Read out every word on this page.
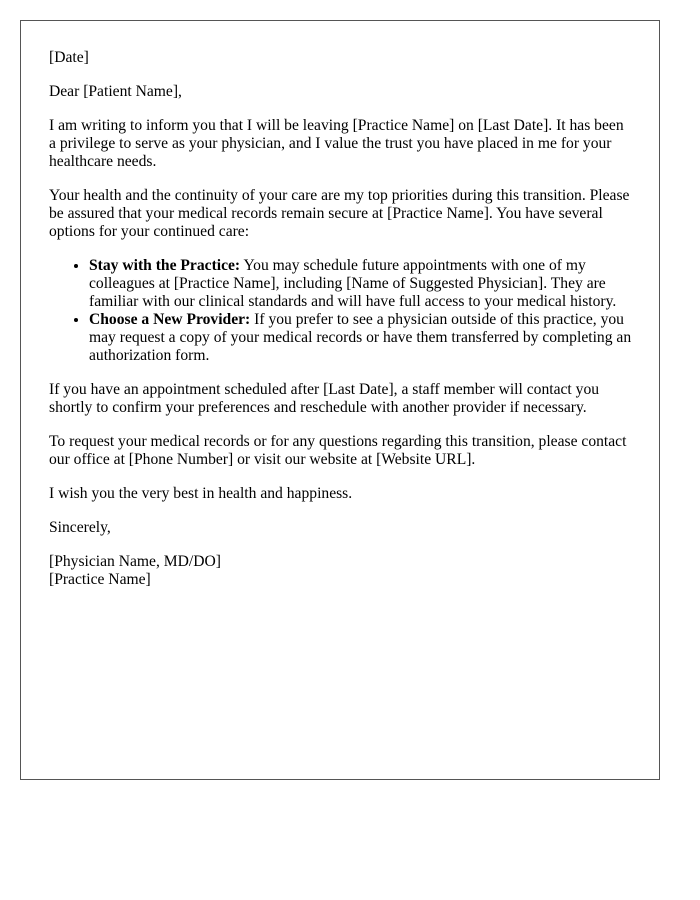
[Date]

Dear [Patient Name],

I am writing to inform you that I will be leaving [Practice Name] on [Last Date]. It has been a privilege to serve as your physician, and I value the trust you have placed in me for your healthcare needs.

Your health and the continuity of your care are my top priorities during this transition. Please be assured that your medical records remain secure at [Practice Name]. You have several options for your continued care:

• Stay with the Practice: You may schedule future appointments with one of my colleagues at [Practice Name], including [Name of Suggested Physician]. They are familiar with our clinical standards and will have full access to your medical history.
• Choose a New Provider: If you prefer to see a physician outside of this practice, you may request a copy of your medical records or have them transferred by completing an authorization form.

If you have an appointment scheduled after [Last Date], a staff member will contact you shortly to confirm your preferences and reschedule with another provider if necessary.

To request your medical records or for any questions regarding this transition, please contact our office at [Phone Number] or visit our website at [Website URL].

I wish you the very best in health and happiness.

Sincerely,

[Physician Name, MD/DO]

[Practice Name]
